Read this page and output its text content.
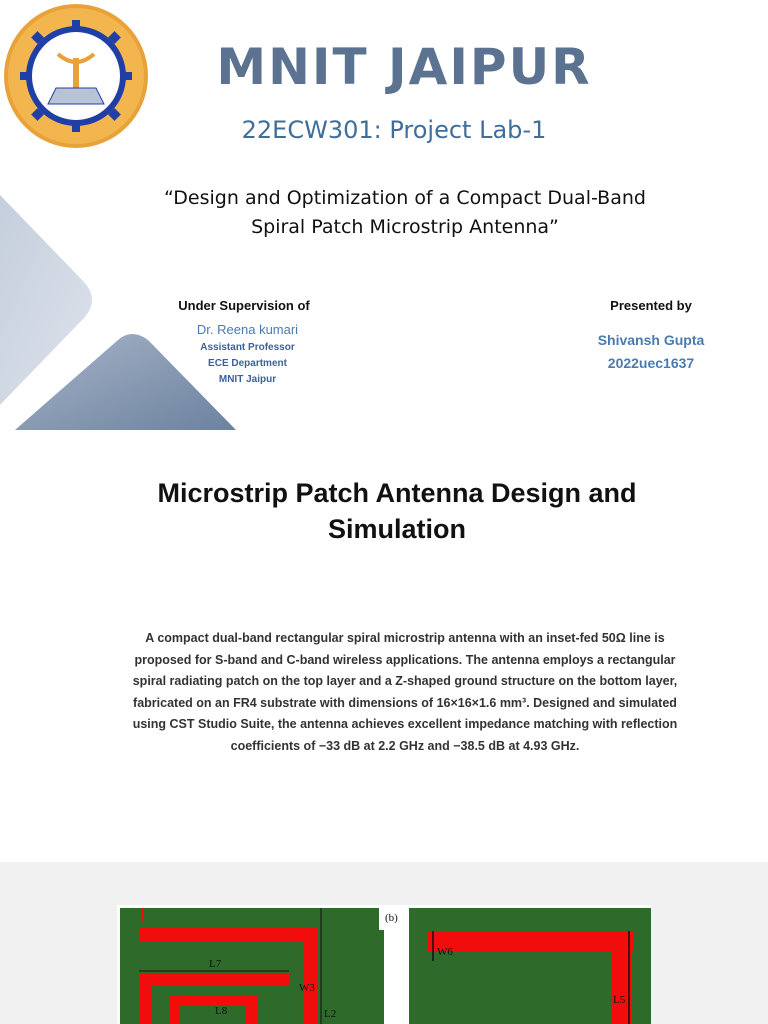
MNIT JAIPUR
22ECW301: Project Lab-1
“Design and Optimization of a Compact Dual-Band
Spiral Patch Microstrip Antenna”
Under Supervision of
Dr. Reena kumari
Assistant Professor
ECE Department
MNIT Jaipur
Presented by
Shivansh Gupta
2022uec1637
Microstrip Patch Antenna Design and
Simulation
A compact dual-band rectangular spiral microstrip antenna with an inset-fed 50Ω line is
proposed for S-band and C-band wireless applications. The antenna employs a rectangular
spiral radiating patch on the top layer and a Z-shaped ground structure on the bottom layer,
fabricated on an FR4 substrate with dimensions of 16×16×1.6 mm³. Designed and simulated
using CST Studio Suite, the antenna achieves excellent impedance matching with reflection
coefficients of −33 dB at 2.2 GHz and −38.5 dB at 4.93 GHz.
(b)
L7
W3
L2
L8
W6
L5
